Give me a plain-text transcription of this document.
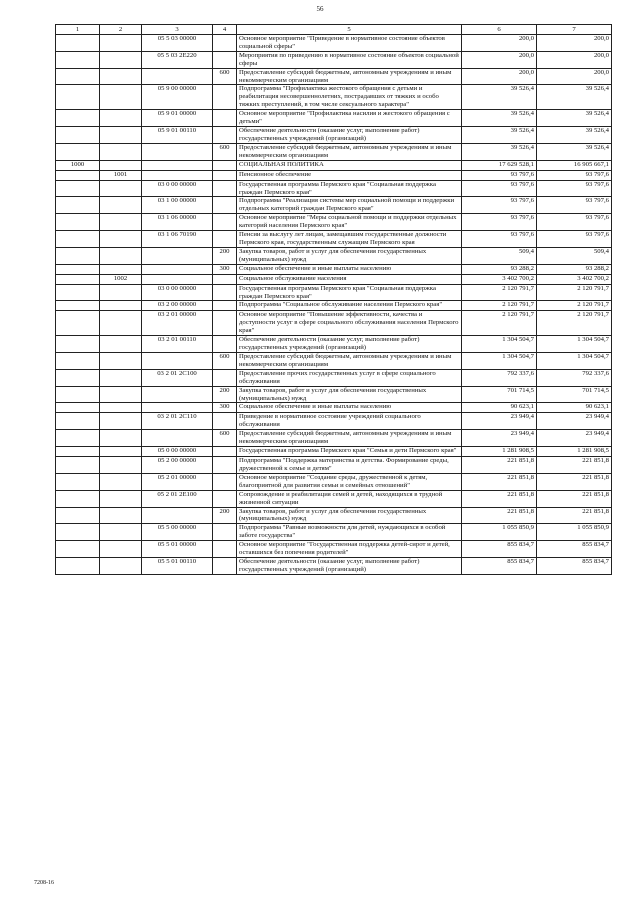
56
1	2	3	4	5	6	7
		05 5 03 00000		Основное мероприятие "Приведение в нормативное состояние объектов социальной сферы"	200,0	200,0
		05 5 03 2Е220		Мероприятия по приведению в нормативное состояние объектов социальной сферы	200,0	200,0
			600	Предоставление субсидий бюджетным, автономным учреждениям и иным некоммерческим организациям	200,0	200,0
		05 9 00 00000		Подпрограмма "Профилактика жестокого обращения с детьми и реабилитация несовершеннолетних, пострадавших от тяжких и особо тяжких преступлений, в том числе сексуального характера"	39 526,4	39 526,4
		05 9 01 00000		Основное мероприятие "Профилактика насилия и жестокого обращения с детьми"	39 526,4	39 526,4
		05 9 01 00110		Обеспечение деятельности (оказание услуг, выполнение работ) государственных учреждений (организаций)	39 526,4	39 526,4
			600	Предоставление субсидий бюджетным, автономным учреждениям и иным некоммерческим организациям	39 526,4	39 526,4
1000				СОЦИАЛЬНАЯ ПОЛИТИКА	17 629 528,1	16 905 667,1
	1001			Пенсионное обеспечение	93 797,6	93 797,6
		03 0 00 00000		Государственная программа Пермского края "Социальная поддержка граждан Пермского края"	93 797,6	93 797,6
		03 1 00 00000		Подпрограмма "Реализация системы мер социальной помощи и поддержки отдельных категорий граждан Пермского края"	93 797,6	93 797,6
		03 1 06 00000		Основное мероприятие "Меры социальной помощи и поддержки отдельных категорий населения Пермского края"	93 797,6	93 797,6
		03 1 06 70190		Пенсии за выслугу лет лицам, замещавшим государственные должности Пермского края, государственным служащим Пермского края	93 797,6	93 797,6
			200	Закупка товаров, работ и услуг для обеспечения государственных (муниципальных) нужд	509,4	509,4
			300	Социальное обеспечение и иные выплаты населению	93 288,2	93 288,2
	1002			Социальное обслуживание населения	3 402 700,2	3 402 700,2
		03 0 00 00000		Государственная программа Пермского края "Социальная поддержка граждан Пермского края"	2 120 791,7	2 120 791,7
		03 2 00 00000		Подпрограмма "Социальное обслуживание населения Пермского края"	2 120 791,7	2 120 791,7
		03 2 01 00000		Основное мероприятие "Повышение эффективности, качества и доступности услуг в сфере социального обслуживания населения Пермского края"	2 120 791,7	2 120 791,7
		03 2 01 00110		Обеспечение деятельности (оказание услуг, выполнение работ) государственных учреждений (организаций)	1 304 504,7	1 304 504,7
			600	Предоставление субсидий бюджетным, автономным учреждениям и иным некоммерческим организациям	1 304 504,7	1 304 504,7
		03 2 01 2С100		Предоставление прочих государственных услуг в сфере социального обслуживания	792 337,6	792 337,6
			200	Закупка товаров, работ и услуг для обеспечения государственных (муниципальных) нужд	701 714,5	701 714,5
			300	Социальное обеспечение и иные выплаты населению	90 623,1	90 623,1
		03 2 01 2С110		Приведение в нормативное состояние учреждений социального обслуживания	23 949,4	23 949,4
			600	Предоставление субсидий бюджетным, автономным учреждениям и иным некоммерческим организациям	23 949,4	23 949,4
		05 0 00 00000		Государственная программа Пермского края "Семья и дети Пермского края"	1 281 908,5	1 281 908,5
		05 2 00 00000		Подпрограмма "Поддержка материнства и детства. Формирование среды, дружественной к семье и детям"	221 851,8	221 851,8
		05 2 01 00000		Основное мероприятие "Создание среды, дружественной к детям, благоприятной для развития семьи и семейных отношений"	221 851,8	221 851,8
		05 2 01 2Е100		Сопровождение и реабилитация семей и детей, находящихся в трудной жизненной ситуации	221 851,8	221 851,8
			200	Закупка товаров, работ и услуг для обеспечения государственных (муниципальных) нужд	221 851,8	221 851,8
		05 5 00 00000		Подпрограмма "Равные возможности для детей, нуждающихся в особой заботе государства"	1 055 850,9	1 055 850,9
		05 5 01 00000		Основное мероприятие "Государственная поддержка детей-сирот и детей, оставшихся без попечения родителей"	855 834,7	855 834,7
		05 5 01 00110		Обеспечение деятельности (оказание услуг, выполнение работ) государственных учреждений (организаций)	855 834,7	855 834,7
7208-16
